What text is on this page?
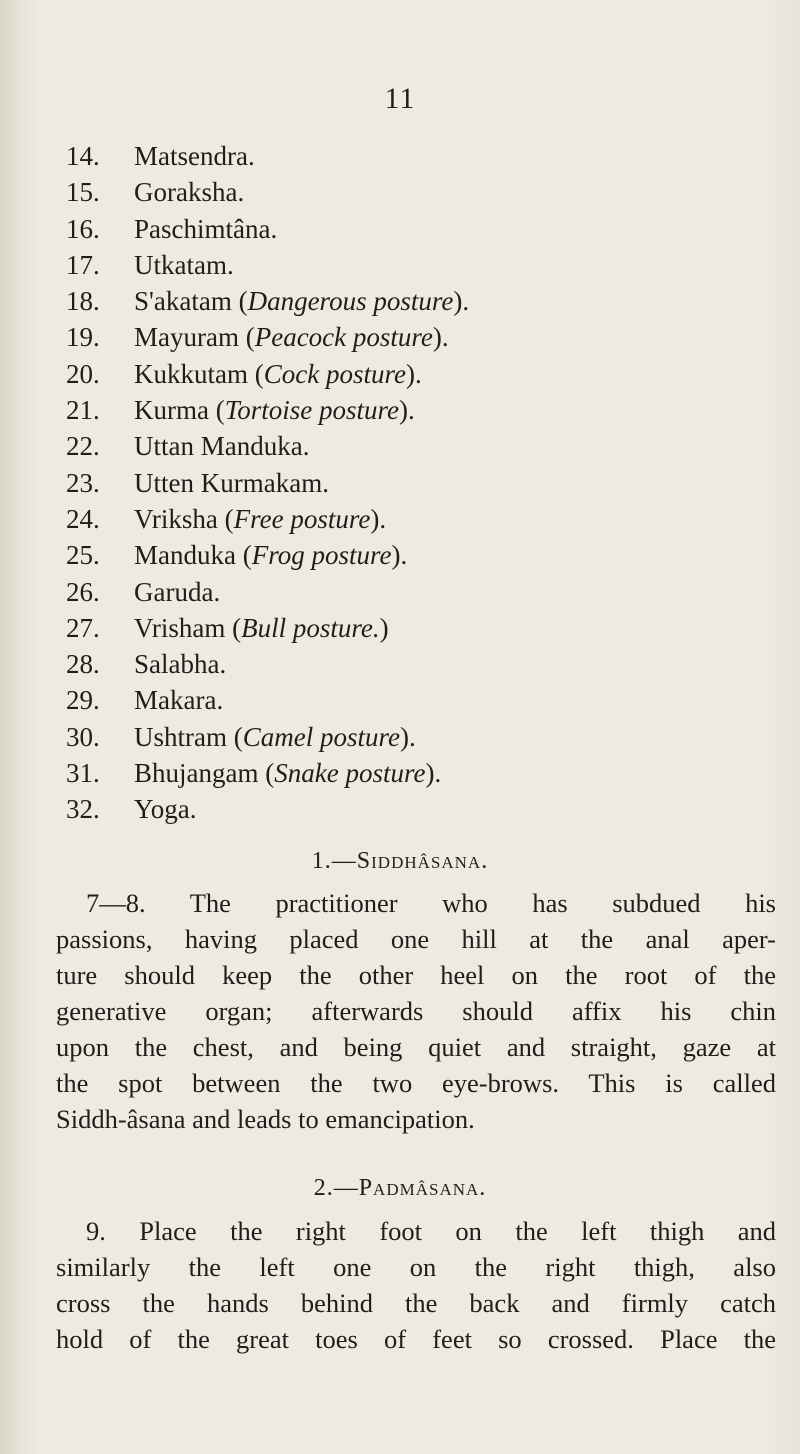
11
14. Matsendra.
15. Goraksha.
16. Paschimtâna.
17. Utkatam.
18. S'akatam (Dangerous posture).
19. Mayuram (Peacock posture).
20. Kukkutam (Cock posture).
21. Kurma (Tortoise posture).
22. Uttan Manduka.
23. Utten Kurmakam.
24. Vriksha (Free posture).
25. Manduka (Frog posture).
26. Garuda.
27. Vrisham (Bull posture.)
28. Salabha.
29. Makara.
30. Ushtram (Camel posture).
31. Bhujangam (Snake posture).
32. Yoga.
1.—Siddhâsana.
7—8. The practitioner who has subdued his
passions, having placed one hill at the anal aper-
ture should keep the other heel on the root of the
generative organ; afterwards should affix his chin
upon the chest, and being quiet and straight, gaze at
the spot between the two eye-brows. This is called
Siddh-âsana and leads to emancipation.
2.—Padmâsana.
9. Place the right foot on the left thigh and
similarly the left one on the right thigh, also
cross the hands behind the back and firmly catch
hold of the great toes of feet so crossed. Place the
